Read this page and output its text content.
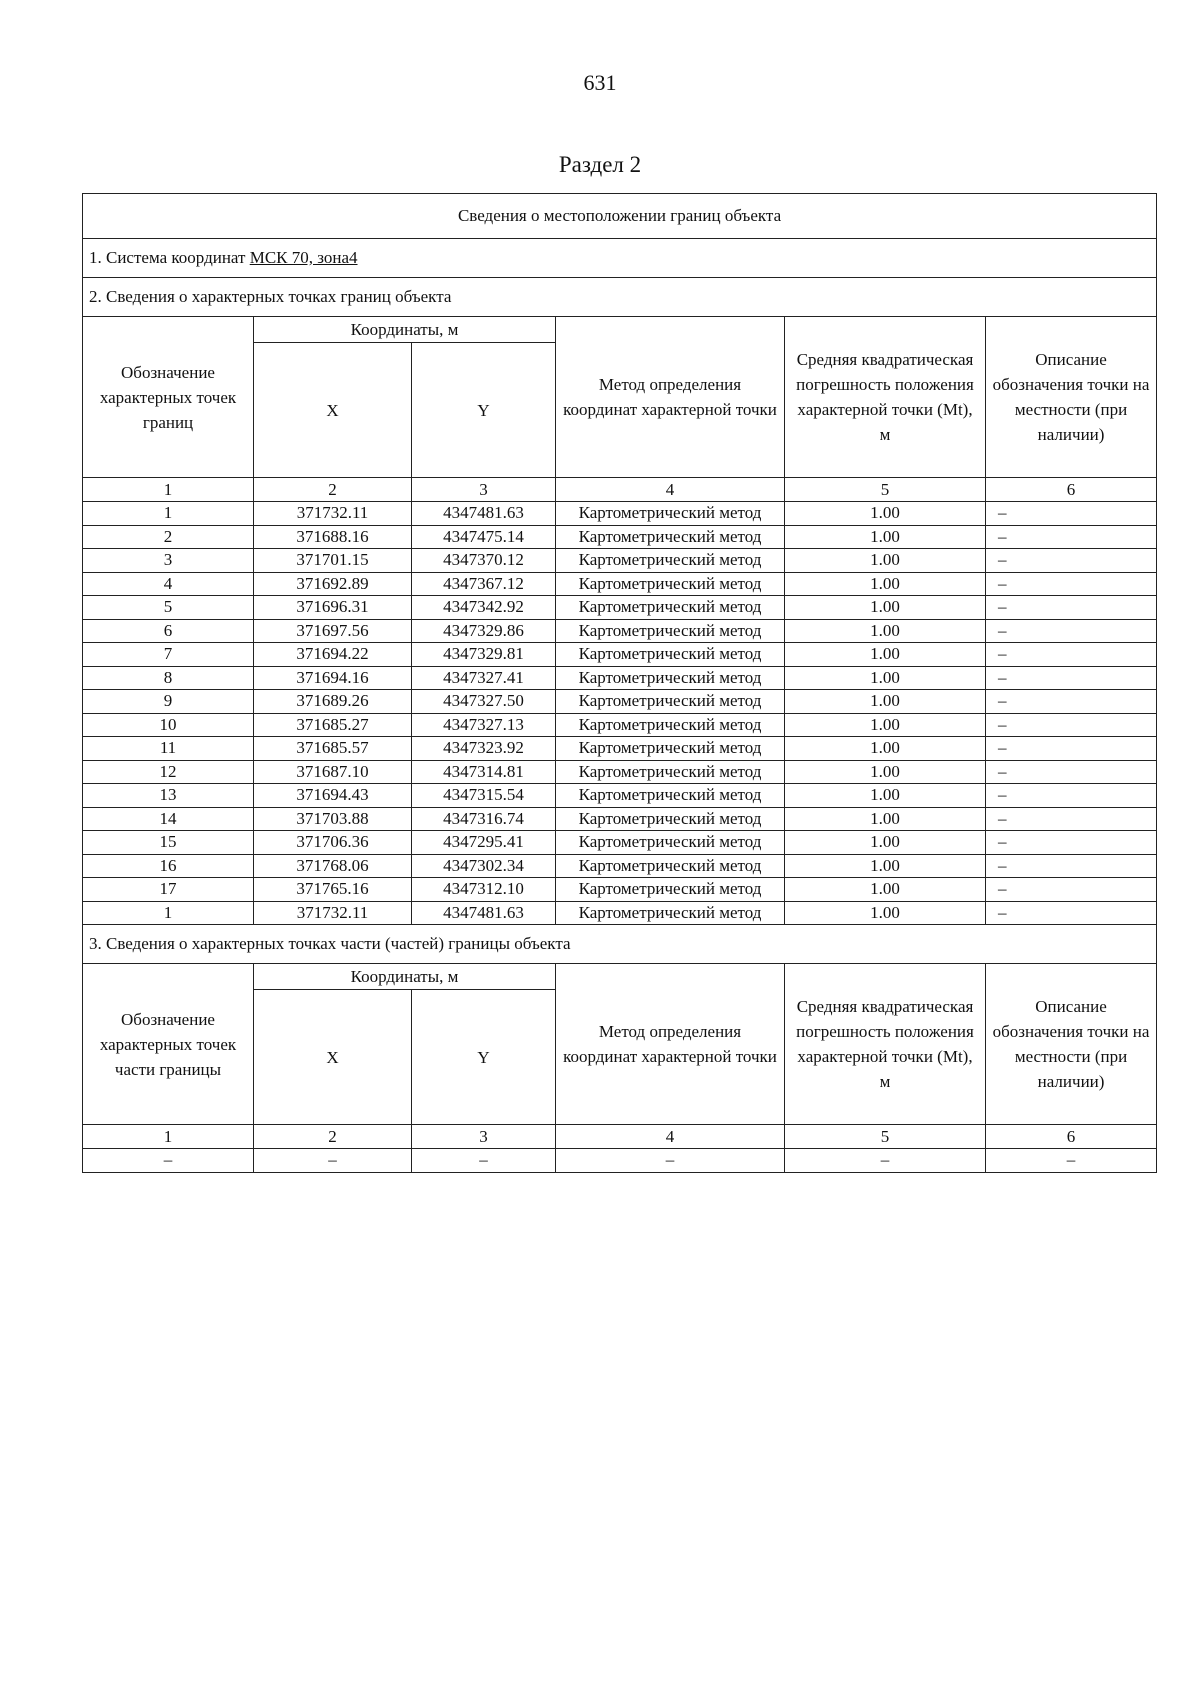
631
Раздел 2
Сведения о местоположении границ объекта					
1. Система координат МСК 70, зона4					
2. Сведения о характерных точках границ объекта					
Обозначение характерных точек границ	Координаты, м		Метод определения координат характерной точки	Средняя квадратическая погрешность положения характерной точки (Мt), м	Описание обозначения точки на местности (при наличии)
	X	Y			
1	2	3	4	5	6
1	371732.11	4347481.63	Картометрический метод	1.00	–
2	371688.16	4347475.14	Картометрический метод	1.00	–
3	371701.15	4347370.12	Картометрический метод	1.00	–
4	371692.89	4347367.12	Картометрический метод	1.00	–
5	371696.31	4347342.92	Картометрический метод	1.00	–
6	371697.56	4347329.86	Картометрический метод	1.00	–
7	371694.22	4347329.81	Картометрический метод	1.00	–
8	371694.16	4347327.41	Картометрический метод	1.00	–
9	371689.26	4347327.50	Картометрический метод	1.00	–
10	371685.27	4347327.13	Картометрический метод	1.00	–
11	371685.57	4347323.92	Картометрический метод	1.00	–
12	371687.10	4347314.81	Картометрический метод	1.00	–
13	371694.43	4347315.54	Картометрический метод	1.00	–
14	371703.88	4347316.74	Картометрический метод	1.00	–
15	371706.36	4347295.41	Картометрический метод	1.00	–
16	371768.06	4347302.34	Картометрический метод	1.00	–
17	371765.16	4347312.10	Картометрический метод	1.00	–
1	371732.11	4347481.63	Картометрический метод	1.00	–
3. Сведения о характерных точках части (частей) границы объекта					
Обозначение характерных точек части границы	Координаты, м		Метод определения координат характерной точки	Средняя квадратическая погрешность положения характерной точки (Мt), м	Описание обозначения точки на местности (при наличии)
	X	Y			
1	2	3	4	5	6
–	–	–	–	–	–
